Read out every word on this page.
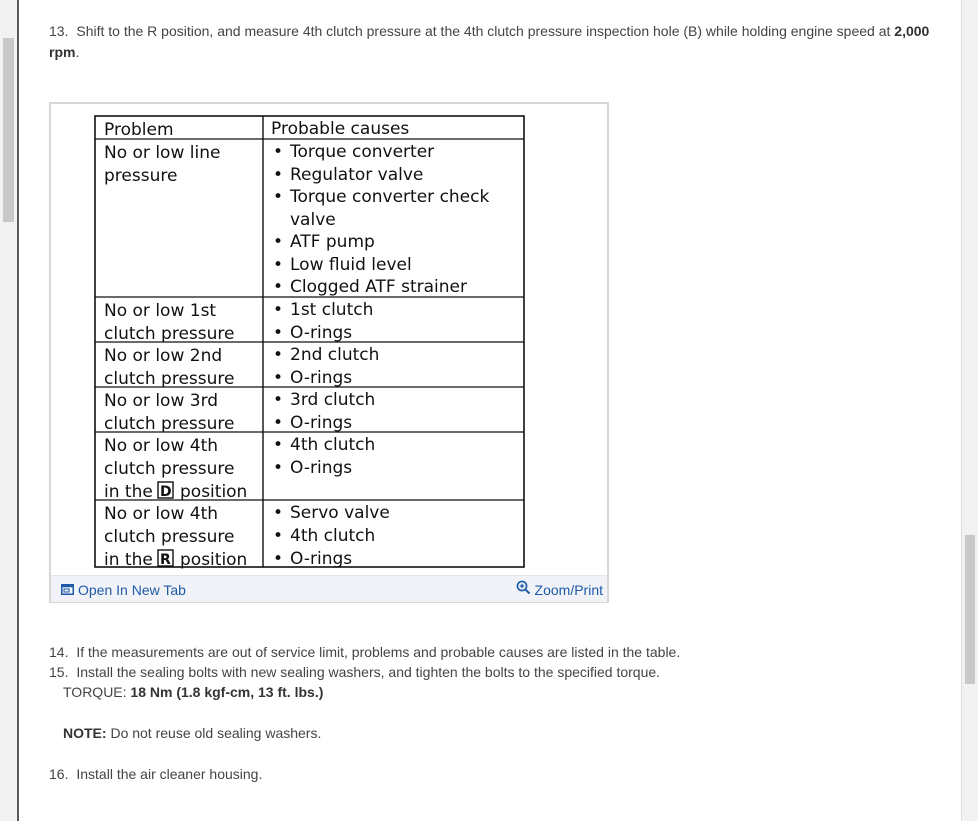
13. Shift to the R position, and measure 4th clutch pressure at the 4th clutch pressure inspection hole (B) while holding engine speed at 2,000 rpm.
Problem	Probable causes
No or low line
pressure
• Torque converter
• Regulator valve
• Torque converter check
valve
• ATF pump
• Low fluid level
• Clogged ATF strainer
No or low 1st
clutch pressure
• 1st clutch
• O-rings
No or low 2nd
clutch pressure
• 2nd clutch
• O-rings
No or low 3rd
clutch pressure
• 3rd clutch
• O-rings
No or low 4th
clutch pressure
in the D position
• 4th clutch
• O-rings
No or low 4th
clutch pressure
in the R position
• Servo valve
• 4th clutch
• O-rings
Open In New Tab	Zoom/Print
14. If the measurements are out of service limit, problems and probable causes are listed in the table.
15. Install the sealing bolts with new sealing washers, and tighten the bolts to the specified torque.
TORQUE: 18 Nm (1.8 kgf-cm, 13 ft. lbs.)
NOTE: Do not reuse old sealing washers.
16. Install the air cleaner housing.
